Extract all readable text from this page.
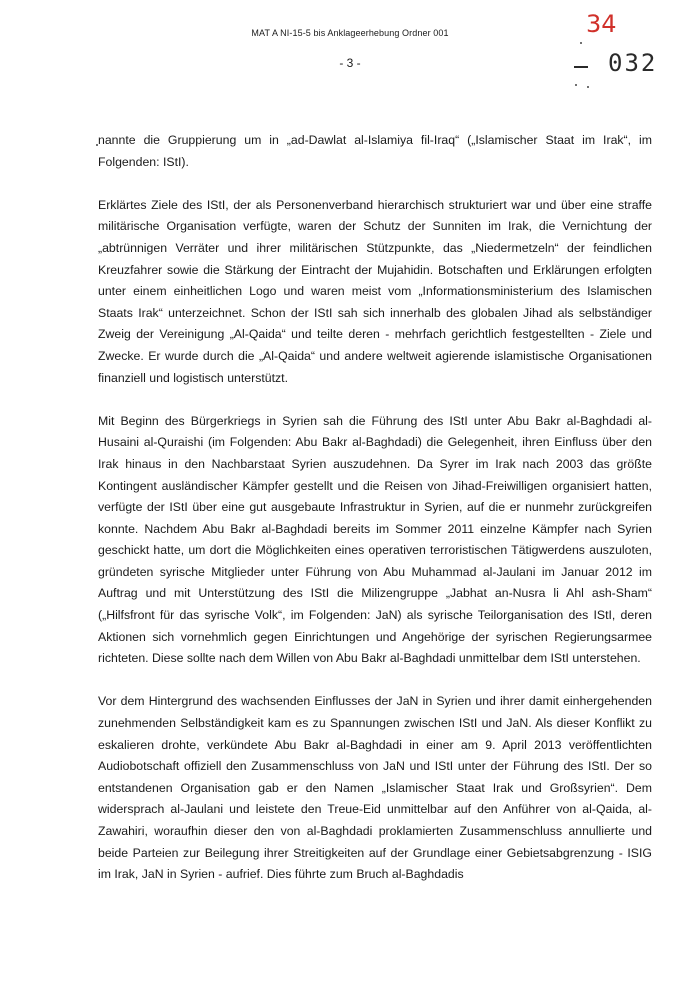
MAT A NI-15-5 bis Anklageerhebung Ordner 001
- 3 -
34
032

nannte die Gruppierung um in „ad-Dawlat al-Islamiya fil-Iraq“ („Islamischer Staat im Irak“, im Folgenden: IStI).

Erklärtes Ziele des IStI, der als Personenverband hierarchisch strukturiert war und über eine straffe militärische Organisation verfügte, waren der Schutz der Sunniten im Irak, die Vernichtung der „abtrünnigen Verräter und ihrer militärischen Stützpunkte, das „Niedermetzeln“ der feindlichen Kreuzfahrer sowie die Stärkung der Eintracht der Mujahidin. Botschaften und Erklärungen erfolgten unter einem einheitlichen Logo und waren meist vom „Informationsministerium des Islamischen Staats Irak“ unterzeichnet. Schon der IStI sah sich innerhalb des globalen Jihad als selbständiger Zweig der Vereinigung „Al-Qaida“ und teilte deren - mehrfach gerichtlich festgestellten - Ziele und Zwecke. Er wurde durch die „Al-Qaida“ und andere weltweit agierende islamistische Organisationen finanziell und logistisch unterstützt.

Mit Beginn des Bürgerkriegs in Syrien sah die Führung des IStI unter Abu Bakr al-Baghdadi al-Husaini al-Quraishi (im Folgenden: Abu Bakr al-Baghdadi) die Gelegenheit, ihren Einfluss über den Irak hinaus in den Nachbarstaat Syrien auszudehnen. Da Syrer im Irak nach 2003 das größte Kontingent ausländischer Kämpfer gestellt und die Reisen von Jihad-Freiwilligen organisiert hatten, verfügte der IStI über eine gut ausgebaute Infrastruktur in Syrien, auf die er nunmehr zurückgreifen konnte. Nachdem Abu Bakr al-Baghdadi bereits im Sommer 2011 einzelne Kämpfer nach Syrien geschickt hatte, um dort die Möglichkeiten eines operativen terroristischen Tätigwerdens auszuloten, gründeten syrische Mitglieder unter Führung von Abu Muhammad al-Jaulani im Januar 2012 im Auftrag und mit Unterstützung des IStI die Milizengruppe „Jabhat an-Nusra li Ahl ash-Sham“ („Hilfsfront für das syrische Volk“, im Folgenden: JaN) als syrische Teilorganisation des IStI, deren Aktionen sich vornehmlich gegen Einrichtungen und Angehörige der syrischen Regierungsarmee richteten. Diese sollte nach dem Willen von Abu Bakr al-Baghdadi unmittelbar dem IStI unterstehen.

Vor dem Hintergrund des wachsenden Einflusses der JaN in Syrien und ihrer damit einhergehenden zunehmenden Selbständigkeit kam es zu Spannungen zwischen IStI und JaN. Als dieser Konflikt zu eskalieren drohte, verkündete Abu Bakr al-Baghdadi in einer am 9. April 2013 veröffentlichten Audiobotschaft offiziell den Zusammenschluss von JaN und IStI unter der Führung des IStI. Der so entstandenen Organisation gab er den Namen „Islamischer Staat Irak und Großsyrien“. Dem widersprach al-Jaulani und leistete den Treue-Eid unmittelbar auf den Anführer von al-Qaida, al-Zawahiri, woraufhin dieser den von al-Baghdadi proklamierten Zusammenschluss annullierte und beide Parteien zur Beilegung ihrer Streitigkeiten auf der Grundlage einer Gebietsabgrenzung - ISIG im Irak, JaN in Syrien - aufrief. Dies führte zum Bruch al-Baghdadis
